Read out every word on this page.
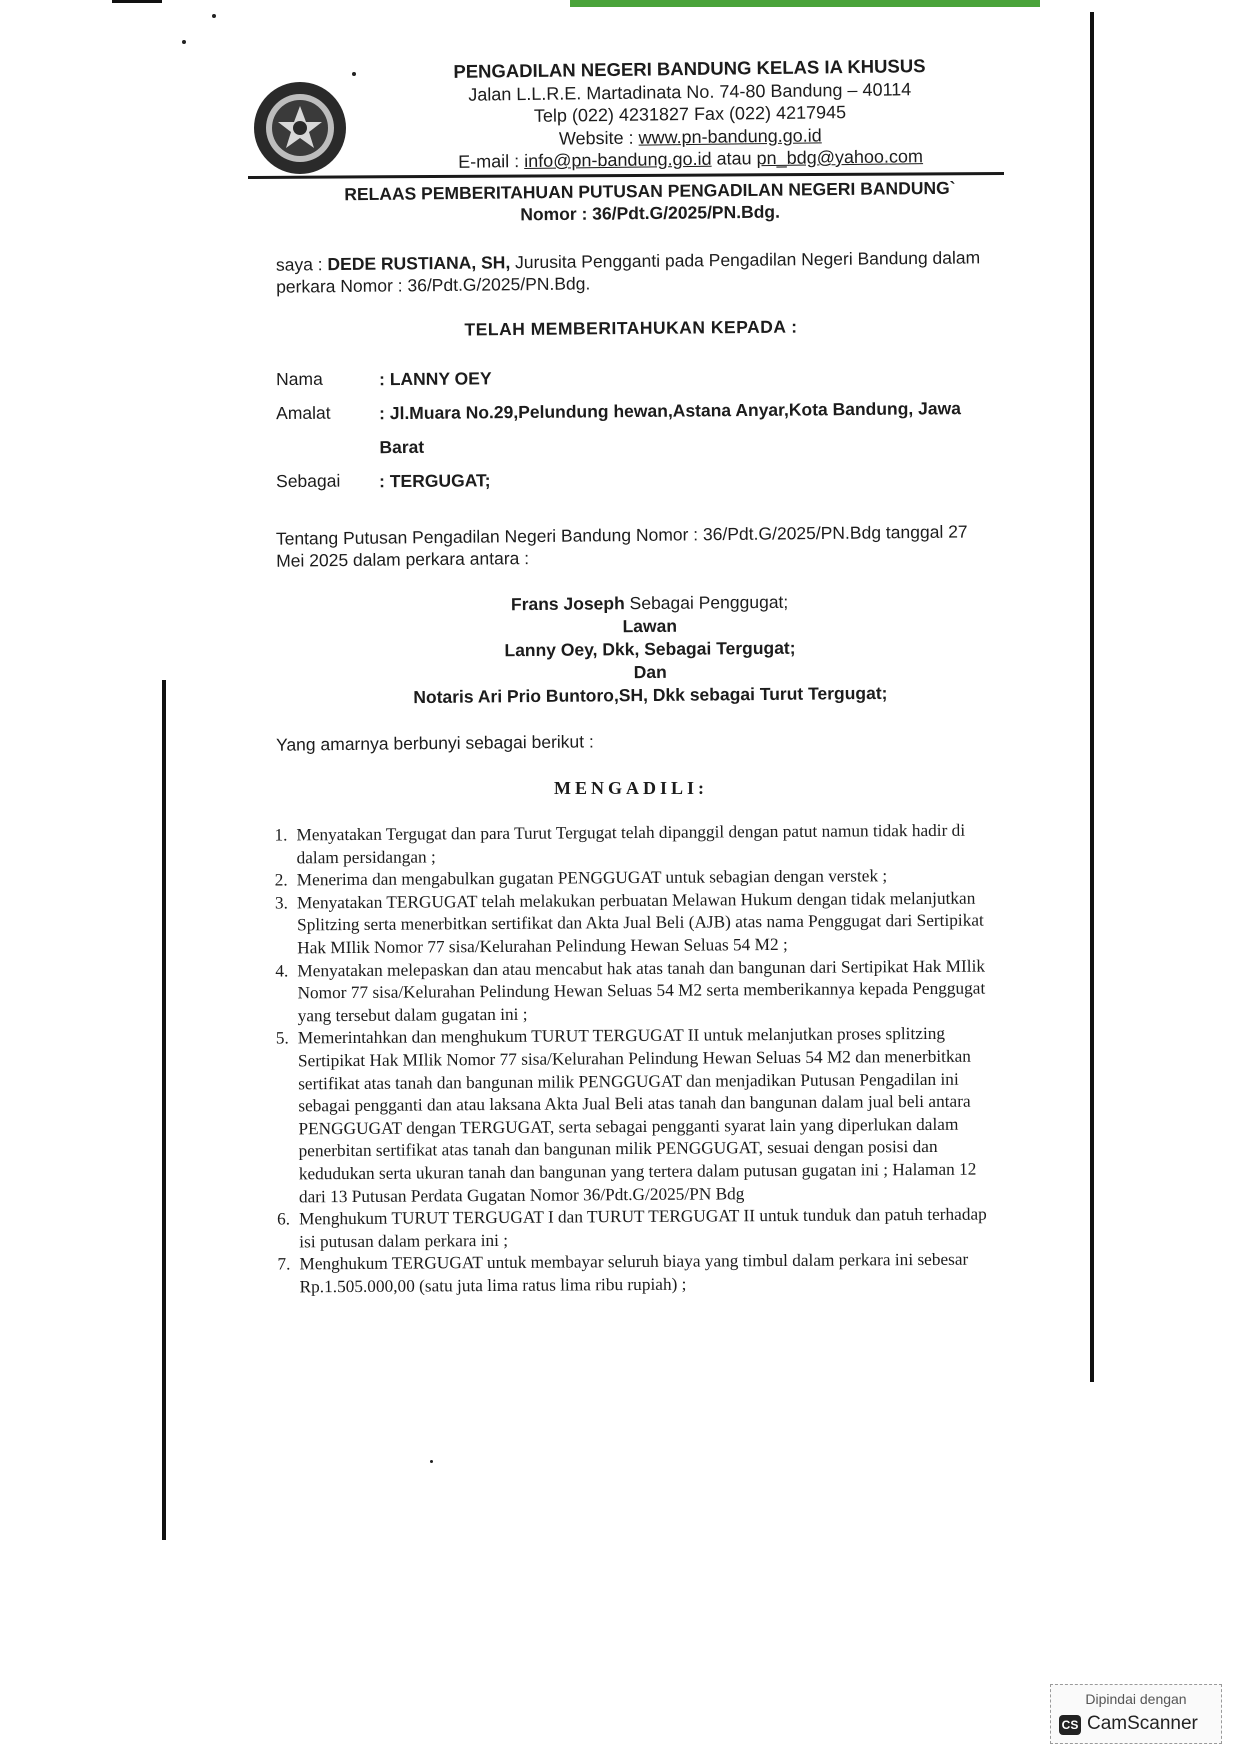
PENGADILAN NEGERI BANDUNG KELAS IA KHUSUS
Jalan L.L.R.E. Martadinata No. 74-80 Bandung – 40114
Telp (022) 4231827 Fax (022) 4217945
Website : www.pn-bandung.go.id
E-mail : info@pn-bandung.go.id atau pn_bdg@yahoo.com
RELAAS PEMBERITAHUAN PUTUSAN PENGADILAN NEGERI BANDUNG`
Nomor : 36/Pdt.G/2025/PN.Bdg.
saya : DEDE RUSTIANA, SH, Jurusita Pengganti pada Pengadilan Negeri Bandung dalam perkara Nomor : 36/Pdt.G/2025/PN.Bdg.
TELAH MEMBERITAHUKAN KEPADA :
Nama	: LANNY OEY
Amalat	: Jl.Muara No.29,Pelundung hewan,Astana Anyar,Kota Bandung, Jawa Barat
Sebagai : TERGUGAT;
Tentang Putusan Pengadilan Negeri Bandung Nomor : 36/Pdt.G/2025/PN.Bdg tanggal 27 Mei 2025 dalam perkara antara :
Frans Joseph Sebagai Penggugat;
Lawan
Lanny Oey, Dkk, Sebagai Tergugat;
Dan
Notaris Ari Prio Buntoro,SH, Dkk sebagai Turut Tergugat;
Yang amarnya berbunyi sebagai berikut :
MENGADILI:
1. Menyatakan Tergugat dan para Turut Tergugat telah dipanggil dengan patut namun tidak hadir di dalam persidangan ;
2. Menerima dan mengabulkan gugatan PENGGUGAT untuk sebagian dengan verstek ;
3. Menyatakan TERGUGAT telah melakukan perbuatan Melawan Hukum dengan tidak melanjutkan Splitzing serta menerbitkan sertifikat dan Akta Jual Beli (AJB) atas nama Penggugat dari Sertipikat Hak MIlik Nomor 77 sisa/Kelurahan Pelindung Hewan Seluas 54 M2 ;
4. Menyatakan melepaskan dan atau mencabut hak atas tanah dan bangunan dari Sertipikat Hak MIlik Nomor 77 sisa/Kelurahan Pelindung Hewan Seluas 54 M2 serta memberikannya kepada Penggugat yang tersebut dalam gugatan ini ;
5. Memerintahkan dan menghukum TURUT TERGUGAT II untuk melanjutkan proses splitzing Sertipikat Hak MIlik Nomor 77 sisa/Kelurahan Pelindung Hewan Seluas 54 M2 dan menerbitkan sertifikat atas tanah dan bangunan milik PENGGUGAT dan menjadikan Putusan Pengadilan ini sebagai pengganti dan atau laksana Akta Jual Beli atas tanah dan bangunan dalam jual beli antara PENGGUGAT dengan TERGUGAT, serta sebagai pengganti syarat lain yang diperlukan dalam penerbitan sertifikat atas tanah dan bangunan milik PENGGUGAT, sesuai dengan posisi dan kedudukan serta ukuran tanah dan bangunan yang tertera dalam putusan gugatan ini ; Halaman 12 dari 13 Putusan Perdata Gugatan Nomor 36/Pdt.G/2025/PN Bdg
6. Menghukum TURUT TERGUGAT I dan TURUT TERGUGAT II untuk tunduk dan patuh terhadap isi putusan dalam perkara ini ;
7. Menghukum TERGUGAT untuk membayar seluruh biaya yang timbul dalam perkara ini sebesar Rp.1.505.000,00 (satu juta lima ratus lima ribu rupiah) ;
Dipindai dengan
CS CamScanner
